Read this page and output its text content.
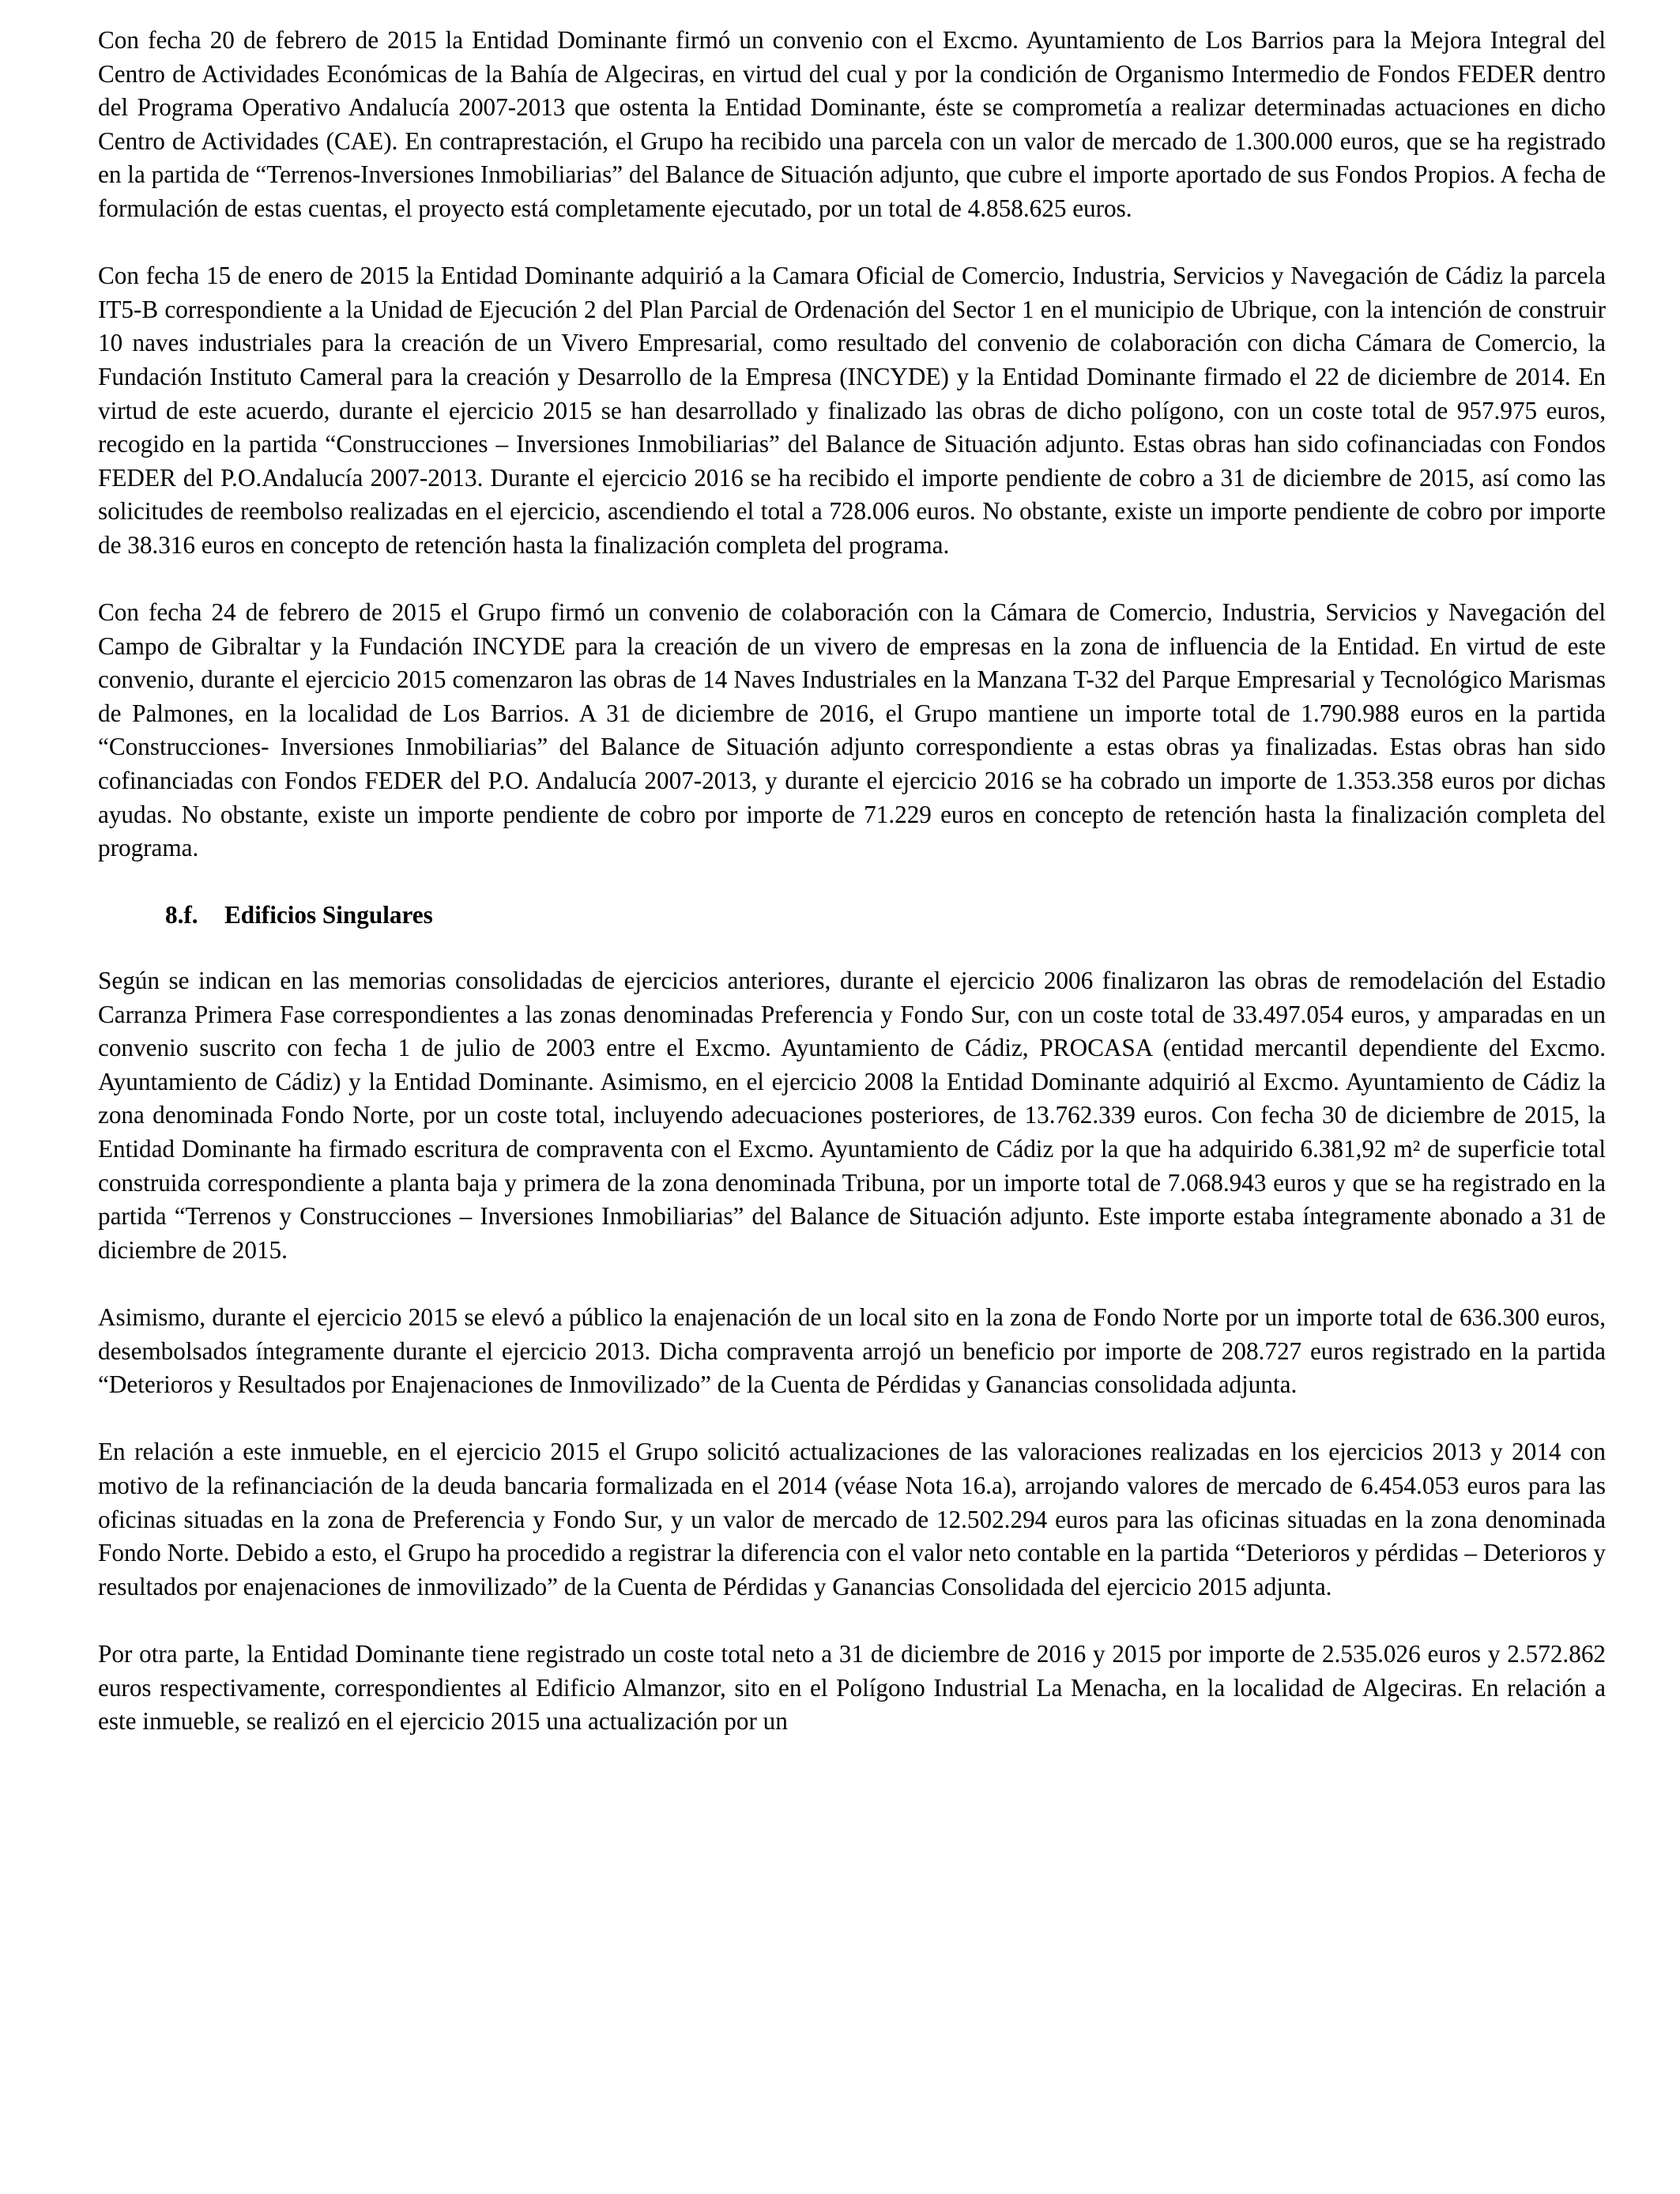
Con fecha 20 de febrero de 2015 la Entidad Dominante firmó un convenio con el Excmo. Ayuntamiento de Los Barrios para la Mejora Integral del Centro de Actividades Económicas de la Bahía de Algeciras, en virtud del cual y por la condición de Organismo Intermedio de Fondos FEDER dentro del Programa Operativo Andalucía 2007-2013 que ostenta la Entidad Dominante, éste se comprometía a realizar determinadas actuaciones en dicho Centro de Actividades (CAE). En contraprestación, el Grupo ha recibido una parcela con un valor de mercado de 1.300.000 euros, que se ha registrado en la partida de “Terrenos-Inversiones Inmobiliarias” del Balance de Situación adjunto, que cubre el importe aportado de sus Fondos Propios. A fecha de formulación de estas cuentas, el proyecto está completamente ejecutado, por un total de 4.858.625 euros.

Con fecha 15 de enero de 2015 la Entidad Dominante adquirió a la Camara Oficial de Comercio, Industria, Servicios y Navegación de Cádiz la parcela IT5-B correspondiente a la Unidad de Ejecución 2 del Plan Parcial de Ordenación del Sector 1 en el municipio de Ubrique, con la intención de construir 10 naves industriales para la creación de un Vivero Empresarial, como resultado del convenio de colaboración con dicha Cámara de Comercio, la Fundación Instituto Cameral para la creación y Desarrollo de la Empresa (INCYDE) y la Entidad Dominante firmado el 22 de diciembre de 2014. En virtud de este acuerdo, durante el ejercicio 2015 se han desarrollado y finalizado las obras de dicho polígono, con un coste total de 957.975 euros, recogido en la partida “Construcciones – Inversiones Inmobiliarias” del Balance de Situación adjunto. Estas obras han sido cofinanciadas con Fondos FEDER del P.O.Andalucía 2007-2013. Durante el ejercicio 2016 se ha recibido el importe pendiente de cobro a 31 de diciembre de 2015, así como las solicitudes de reembolso realizadas en el ejercicio, ascendiendo el total a 728.006 euros. No obstante, existe un importe pendiente de cobro por importe de 38.316 euros en concepto de retención hasta la finalización completa del programa.

Con fecha 24 de febrero de 2015 el Grupo firmó un convenio de colaboración con la Cámara de Comercio, Industria, Servicios y Navegación del Campo de Gibraltar y la Fundación INCYDE para la creación de un vivero de empresas en la zona de influencia de la Entidad. En virtud de este convenio, durante el ejercicio 2015 comenzaron las obras de 14 Naves Industriales en la Manzana T-32 del Parque Empresarial y Tecnológico Marismas de Palmones, en la localidad de Los Barrios. A 31 de diciembre de 2016, el Grupo mantiene un importe total de 1.790.988 euros en la partida “Construcciones- Inversiones Inmobiliarias” del Balance de Situación adjunto correspondiente a estas obras ya finalizadas. Estas obras han sido cofinanciadas con Fondos FEDER del P.O. Andalucía 2007-2013, y durante el ejercicio 2016 se ha cobrado un importe de 1.353.358 euros por dichas ayudas. No obstante, existe un importe pendiente de cobro por importe de 71.229 euros en concepto de retención hasta la finalización completa del programa.

8.f.	Edificios Singulares

Según se indican en las memorias consolidadas de ejercicios anteriores, durante el ejercicio 2006 finalizaron las obras de remodelación del Estadio Carranza Primera Fase correspondientes a las zonas denominadas Preferencia y Fondo Sur, con un coste total de 33.497.054 euros, y amparadas en un convenio suscrito con fecha 1 de julio de 2003 entre el Excmo. Ayuntamiento de Cádiz, PROCASA (entidad mercantil dependiente del Excmo. Ayuntamiento de Cádiz) y la Entidad Dominante. Asimismo, en el ejercicio 2008 la Entidad Dominante adquirió al Excmo. Ayuntamiento de Cádiz la zona denominada Fondo Norte, por un coste total, incluyendo adecuaciones posteriores, de 13.762.339 euros. Con fecha 30 de diciembre de 2015, la Entidad Dominante ha firmado escritura de compraventa con el Excmo. Ayuntamiento de Cádiz por la que ha adquirido 6.381,92 m² de superficie total construida correspondiente a planta baja y primera de la zona denominada Tribuna, por un importe total de 7.068.943 euros y que se ha registrado en la partida “Terrenos y Construcciones – Inversiones Inmobiliarias” del Balance de Situación adjunto. Este importe estaba íntegramente abonado a 31 de diciembre de 2015.

Asimismo, durante el ejercicio 2015 se elevó a público la enajenación de un local sito en la zona de Fondo Norte por un importe total de 636.300 euros, desembolsados íntegramente durante el ejercicio 2013. Dicha compraventa arrojó un beneficio por importe de 208.727 euros registrado en la partida “Deterioros y Resultados por Enajenaciones de Inmovilizado” de la Cuenta de Pérdidas y Ganancias consolidada adjunta.

En relación a este inmueble, en el ejercicio 2015 el Grupo solicitó actualizaciones de las valoraciones realizadas en los ejercicios 2013 y 2014 con motivo de la refinanciación de la deuda bancaria formalizada en el 2014 (véase Nota 16.a), arrojando valores de mercado de 6.454.053 euros para las oficinas situadas en la zona de Preferencia y Fondo Sur, y un valor de mercado de 12.502.294 euros para las oficinas situadas en la zona denominada Fondo Norte. Debido a esto, el Grupo ha procedido a registrar la diferencia con el valor neto contable en la partida “Deterioros y pérdidas – Deterioros y resultados por enajenaciones de inmovilizado” de la Cuenta de Pérdidas y Ganancias Consolidada del ejercicio 2015 adjunta.

Por otra parte, la Entidad Dominante tiene registrado un coste total neto a 31 de diciembre de 2016 y 2015 por importe de 2.535.026 euros y 2.572.862 euros respectivamente, correspondientes al Edificio Almanzor, sito en el Polígono Industrial La Menacha, en la localidad de Algeciras. En relación a este inmueble, se realizó en el ejercicio 2015 una actualización por un
